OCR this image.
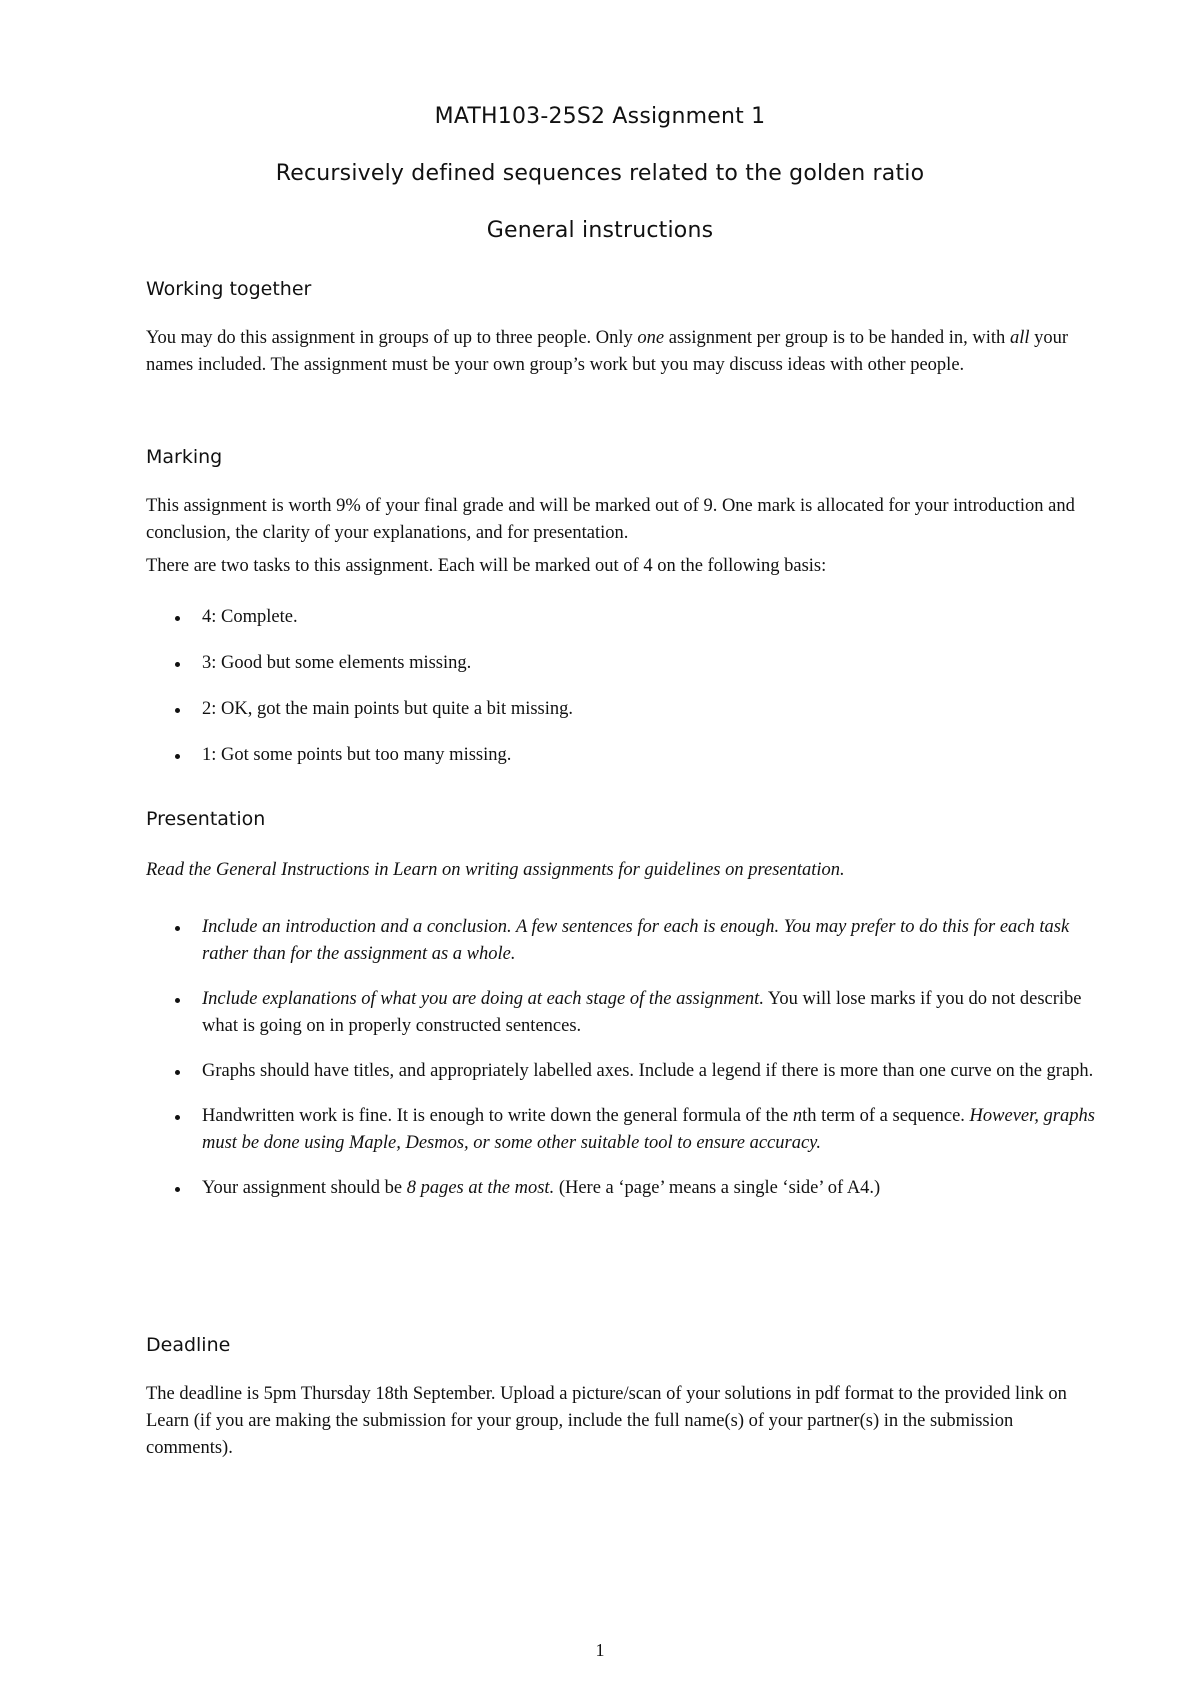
MATH103-25S2 Assignment 1
Recursively defined sequences related to the golden ratio
General instructions
Working together
You may do this assignment in groups of up to three people. Only one assignment per group is to be handed in, with all your names included. The assignment must be your own group’s work but you may discuss ideas with other people.
Marking
This assignment is worth 9% of your final grade and will be marked out of 9. One mark is allocated for your introduction and conclusion, the clarity of your explanations, and for presentation.
There are two tasks to this assignment. Each will be marked out of 4 on the following basis:
4: Complete.
3: Good but some elements missing.
2: OK, got the main points but quite a bit missing.
1: Got some points but too many missing.
Presentation
Read the General Instructions in Learn on writing assignments for guidelines on presentation.
Include an introduction and a conclusion. A few sentences for each is enough. You may prefer to do this for each task rather than for the assignment as a whole.
Include explanations of what you are doing at each stage of the assignment. You will lose marks if you do not describe what is going on in properly constructed sentences.
Graphs should have titles, and appropriately labelled axes. Include a legend if there is more than one curve on the graph.
Handwritten work is fine. It is enough to write down the general formula of the nth term of a sequence. However, graphs must be done using Maple, Desmos, or some other suitable tool to ensure accuracy.
Your assignment should be 8 pages at the most. (Here a ‘page’ means a single ‘side’ of A4.)
Deadline
The deadline is 5pm Thursday 18th September. Upload a picture/scan of your solutions in pdf format to the provided link on Learn (if you are making the submission for your group, include the full name(s) of your partner(s) in the submission comments).
1
